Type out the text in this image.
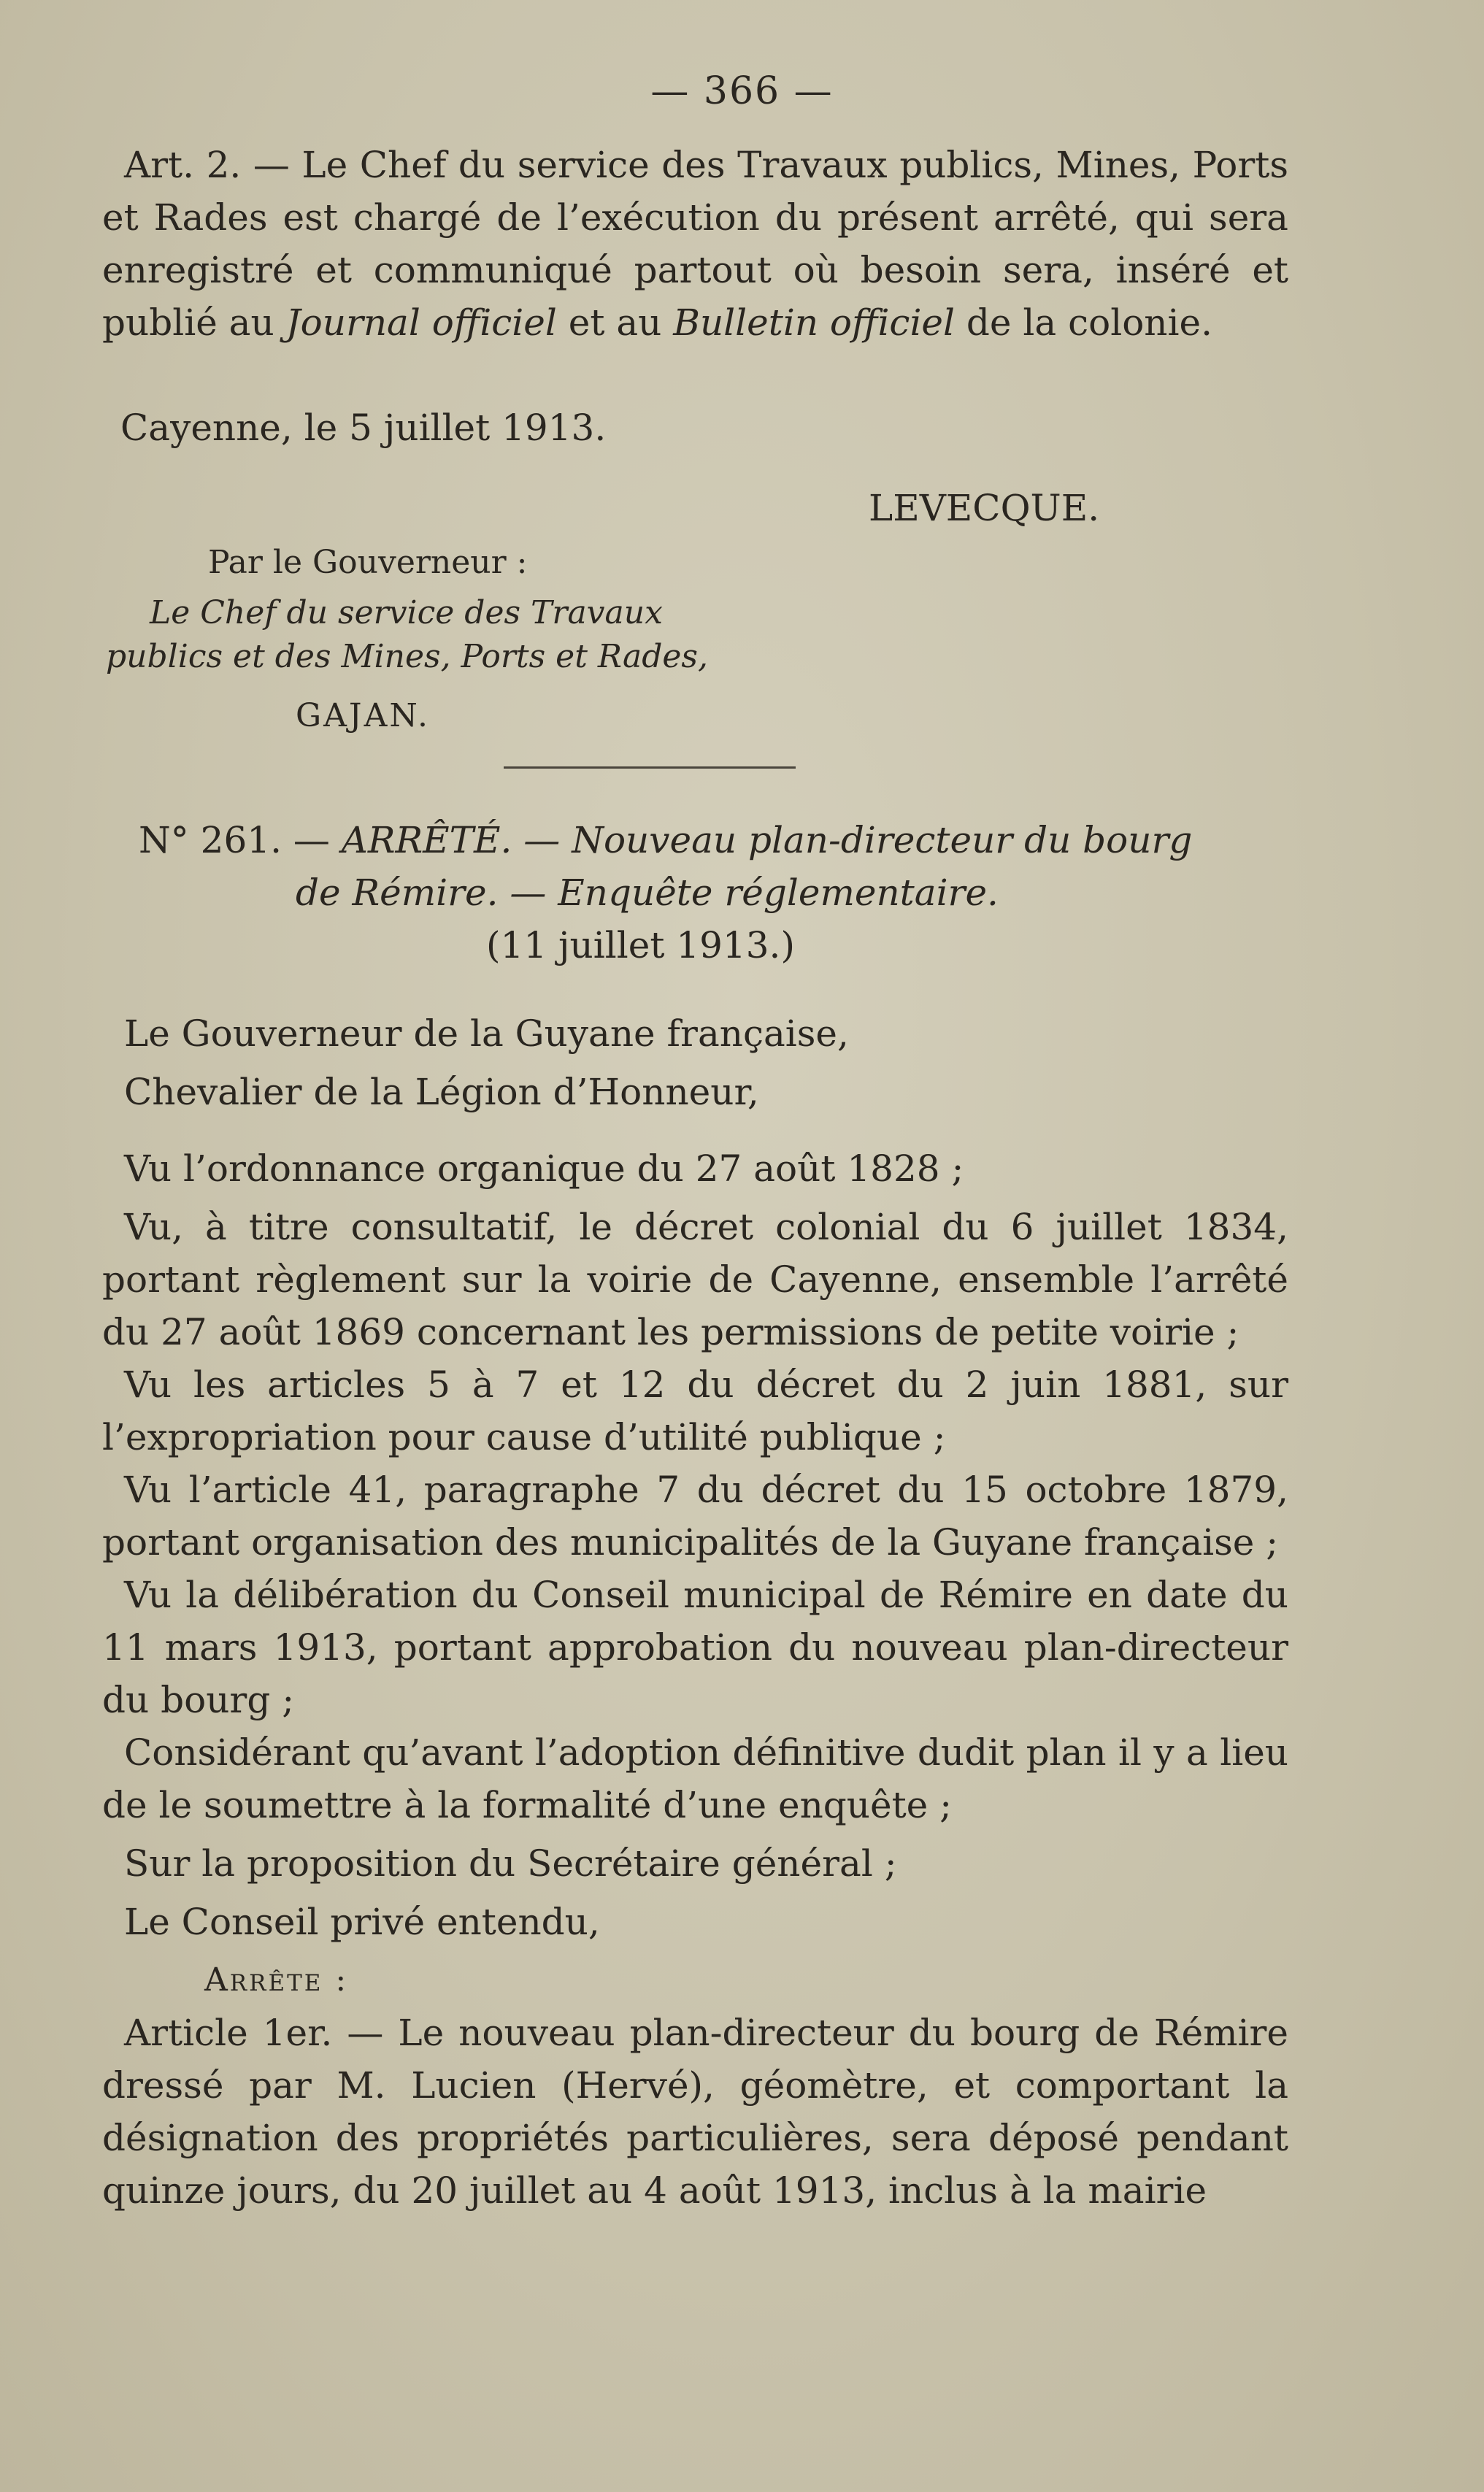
— 366 —

Art. 2. — Le Chef du service des Travaux publics, Mines, Ports et Rades est chargé de l’exécution du présent arrêté, qui sera enregistré et communiqué partout où besoin sera, inséré et publié au Journal officiel et au Bulletin officiel de la colonie.

Cayenne, le 5 juillet 1913.
LEVECQUE.
Par le Gouverneur :
Le Chef du service des Travaux
publics et des Mines, Ports et Rades,
GAJAN.
N° 261. — ARRÊTÉ. — Nouveau plan-directeur du bourg
de Rémire. — Enquête réglementaire.
(11 juillet 1913.)

Le Gouverneur de la Guyane française,

Chevalier de la Légion d’Honneur,

Vu l’ordonnance organique du 27 août 1828 ;

Vu, à titre consultatif, le décret colonial du 6 juillet 1834, portant règlement sur la voirie de Cayenne, ensemble l’arrêté du 27 août 1869 concernant les permissions de petite voirie ;

Vu les articles 5 à 7 et 12 du décret du 2 juin 1881, sur l’expropriation pour cause d’utilité publique ;

Vu l’article 41, paragraphe 7 du décret du 15 octobre 1879, portant organisation des municipalités de la Guyane française ;

Vu la délibération du Conseil municipal de Rémire en date du 11 mars 1913, portant approbation du nouveau plan-directeur du bourg ;

Considérant qu’avant l’adoption définitive dudit plan il y a lieu de le soumettre à la formalité d’une enquête ;

Sur la proposition du Secrétaire général ;

Le Conseil privé entendu,

Arrête :

Article 1er. — Le nouveau plan-directeur du bourg de Rémire dressé par M. Lucien (Hervé), géomètre, et comportant la désignation des propriétés particulières, sera déposé pendant quinze jours, du 20 juillet au 4 août 1913, inclus à la mairie
